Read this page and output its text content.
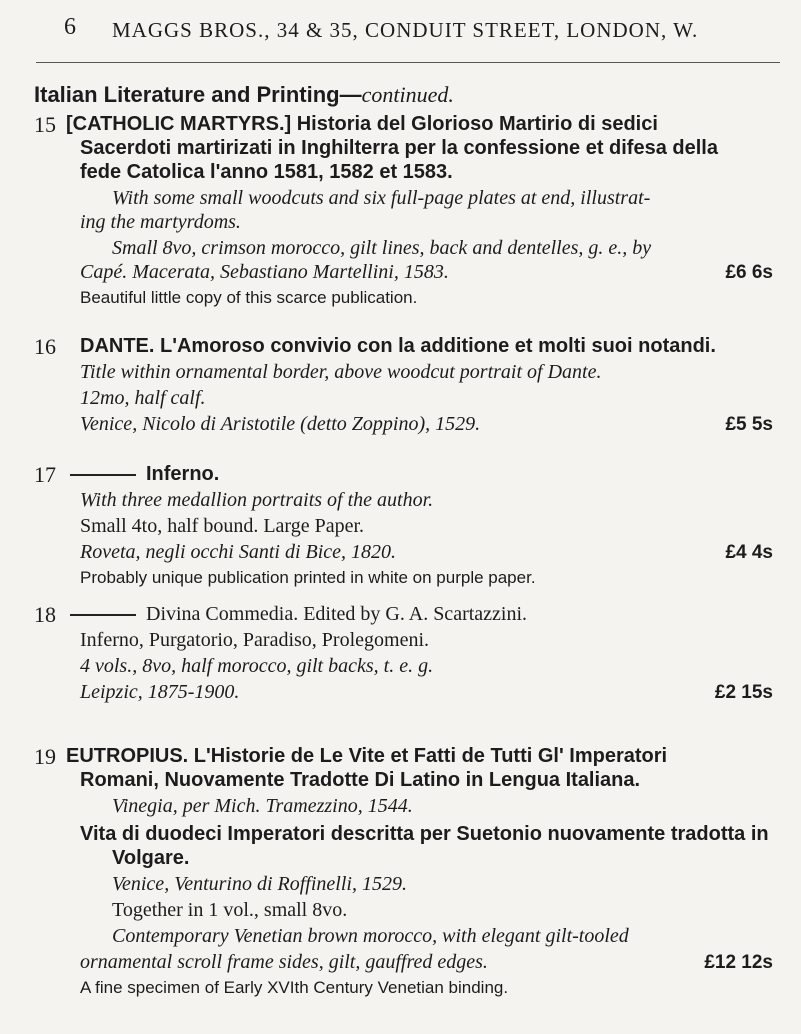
6 MAGGS BROS., 34 & 35, CONDUIT STREET, LONDON, W.
Italian Literature and Printing—continued.
15 [CATHOLIC MARTYRS.] Historia del Glorioso Martirio di sedici
Sacerdoti martirizati in Inghilterra per la confessione et difesa della
fede Catolica l'anno 1581, 1582 et 1583.
With some small woodcuts and six full-page plates at end, illustrat-
ing the martyrdoms.
Small 8vo, crimson morocco, gilt lines, back and dentelles, g. e., by
Capé. Macerata, Sebastiano Martellini, 1583.	£6 6s
Beautiful little copy of this scarce publication.
16 DANTE. L'Amoroso convivio con la additione et molti suoi notandi.
Title within ornamental border, above woodcut portrait of Dante.
12mo, half calf.
Venice, Nicolo di Aristotile (detto Zoppino), 1529.	£5 5s
17	Inferno.
With three medallion portraits of the author.
Small 4to, half bound. Large Paper.
Roveta, negli occhi Santi di Bice, 1820.	£4 4s
Probably unique publication printed in white on purple paper.
18	Divina Commedia. Edited by G. A. Scartazzini.
Inferno, Purgatorio, Paradiso, Prolegomeni.
4 vols., 8vo, half morocco, gilt backs, t. e. g.
Leipzic, 1875-1900.	£2 15s
19 EUTROPIUS. L'Historie de Le Vite et Fatti de Tutti Gl' Imperatori
Romani, Nuovamente Tradotte Di Latino in Lengua Italiana.
Vinegia, per Mich. Tramezzino, 1544.
Vita di duodeci Imperatori descritta per Suetonio nuovamente tradotta in
Volgare.
Venice, Venturino di Roffinelli, 1529.
Together in 1 vol., small 8vo.
Contemporary Venetian brown morocco, with elegant gilt-tooled
ornamental scroll frame sides, gilt, gauffred edges.	£12 12s
A fine specimen of Early XVIth Century Venetian binding.
